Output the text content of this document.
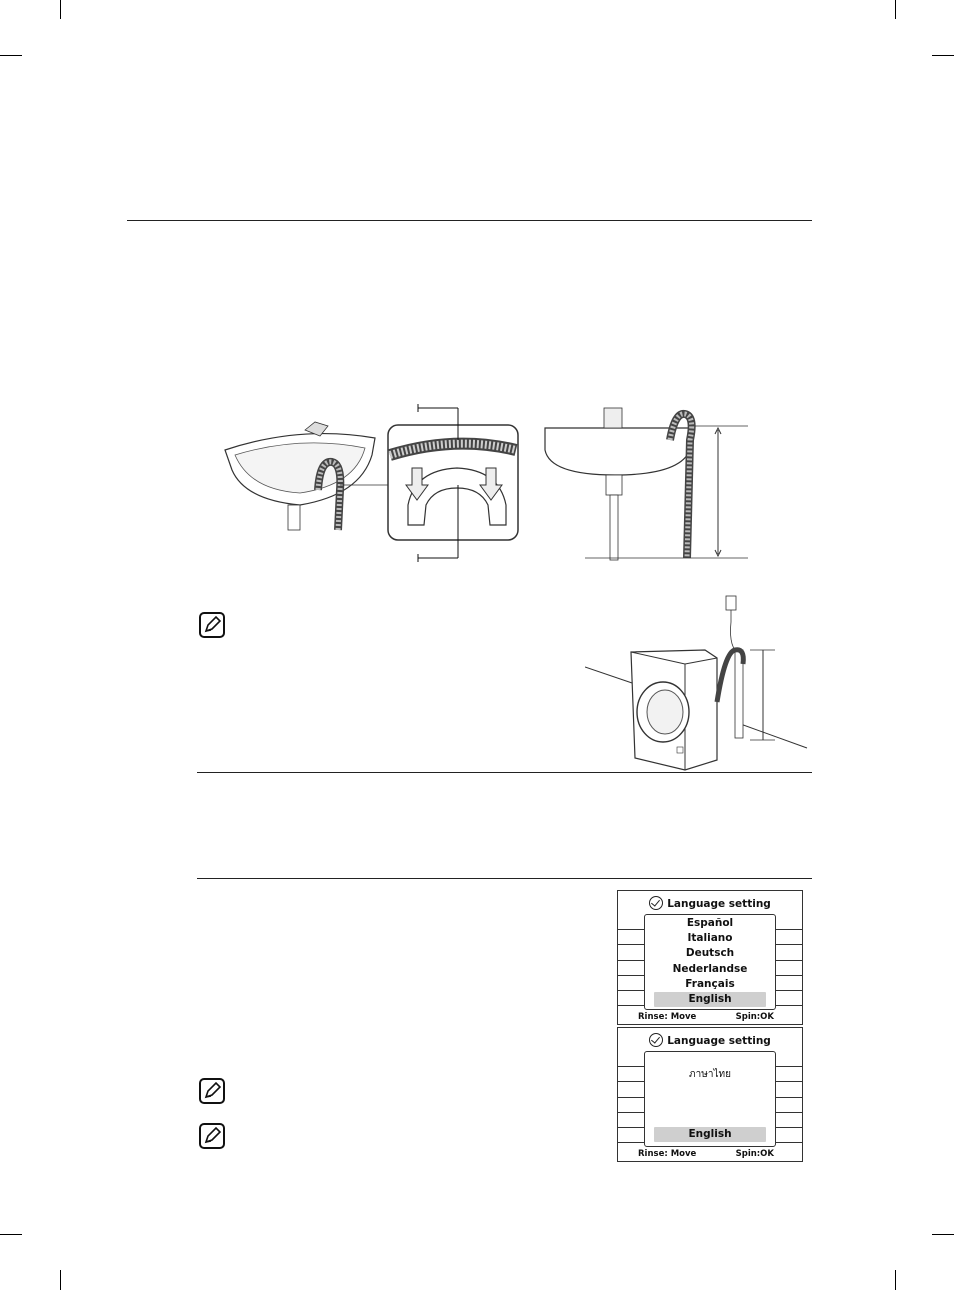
Language setting
Español
Italiano
Deutsch
Nederlandse
Français
English
Rinse: Move	Spin:OK
Language setting
ภาษาไทย
English
Rinse: Move	Spin:OK
